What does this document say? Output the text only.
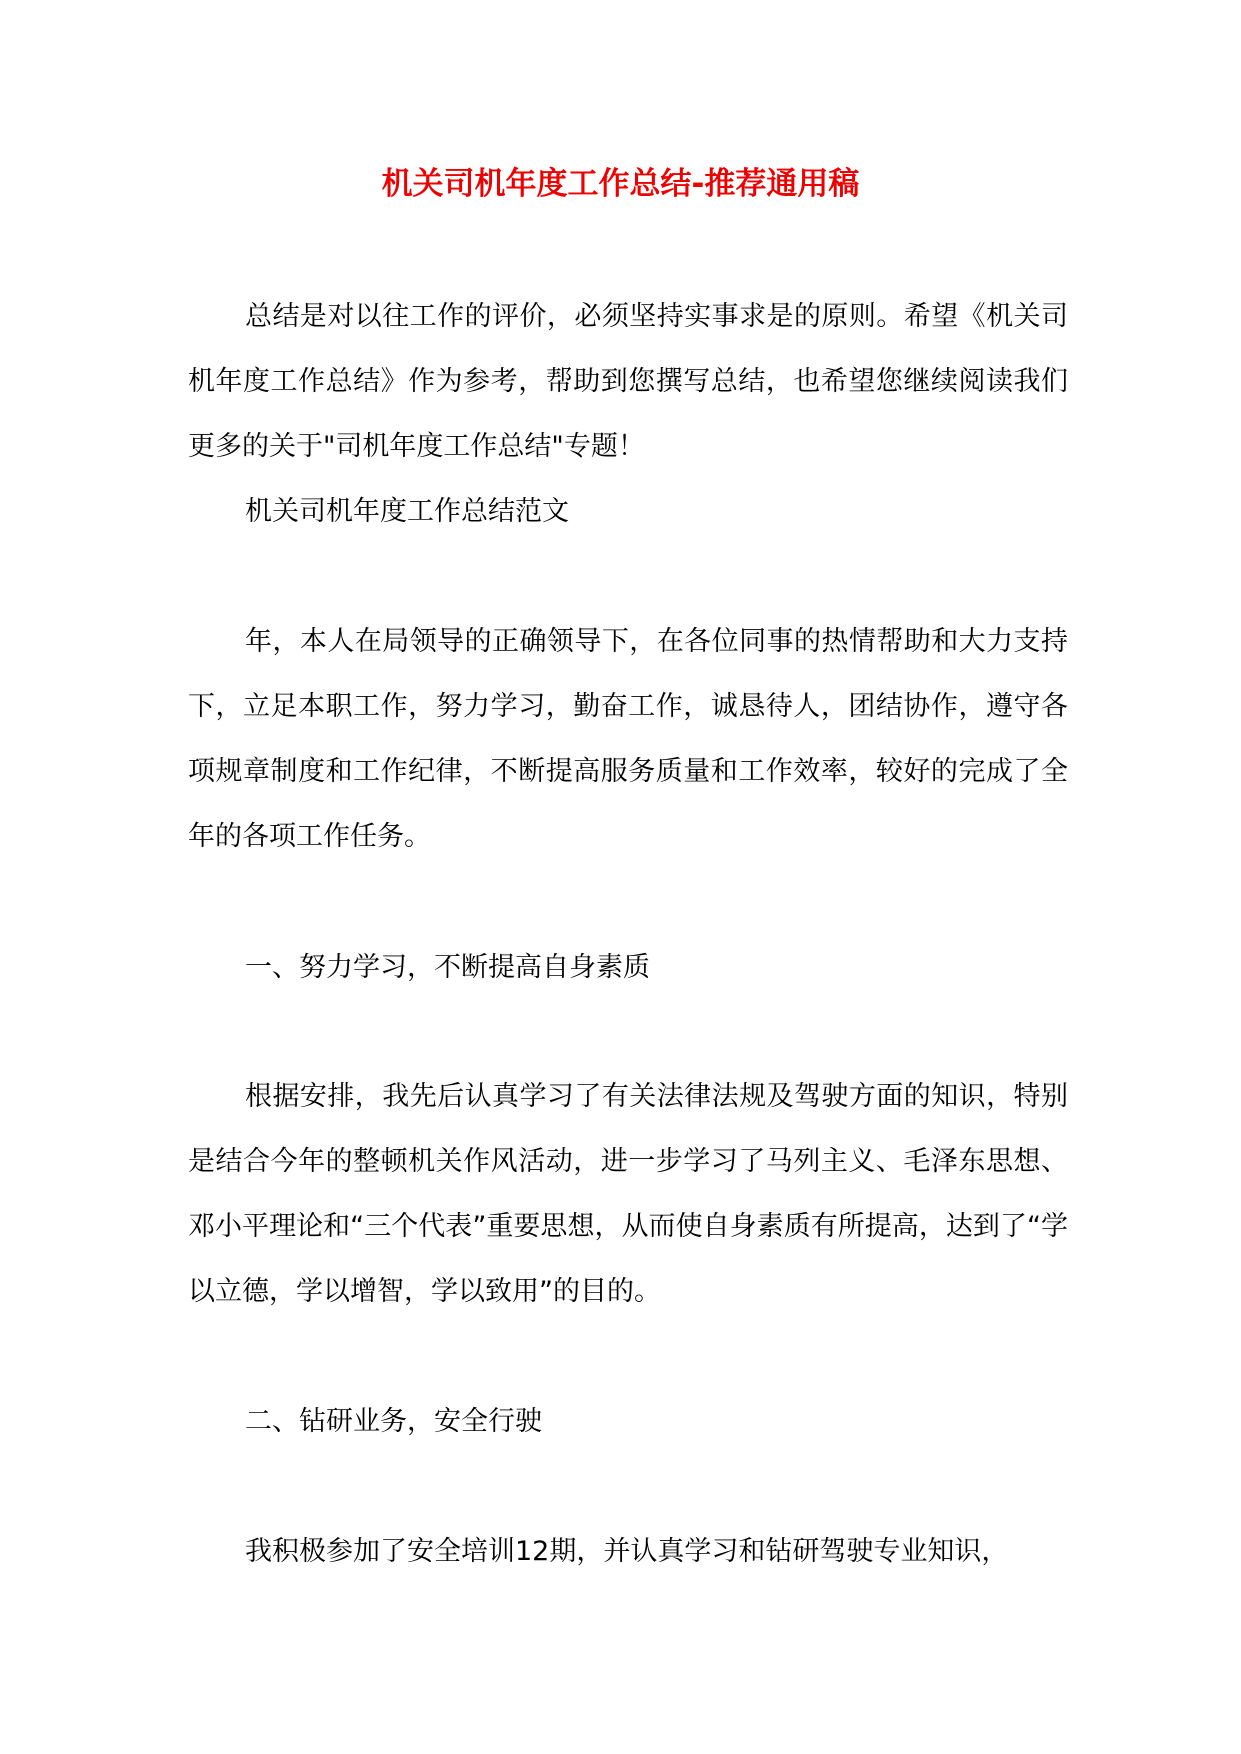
机关司机年度工作总结-推荐通用稿

总结是对以往工作的评价，必须坚持实事求是的原则。希望《机关司机年度工作总结》作为参考，帮助到您撰写总结，也希望您继续阅读我们更多的关于"司机年度工作总结"专题！

机关司机年度工作总结范文

年，本人在局领导的正确领导下，在各位同事的热情帮助和大力支持下，立足本职工作，努力学习，勤奋工作，诚恳待人，团结协作，遵守各项规章制度和工作纪律，不断提高服务质量和工作效率，较好的完成了全年的各项工作任务。

一、努力学习，不断提高自身素质

根据安排，我先后认真学习了有关法律法规及驾驶方面的知识，特别是结合今年的整顿机关作风活动，进一步学习了马列主义、毛泽东思想、邓小平理论和“三个代表”重要思想，从而使自身素质有所提高，达到了“学以立德，学以增智，学以致用”的目的。

二、钻研业务，安全行驶

我积极参加了安全培训12期，并认真学习和钻研驾驶专业知识，
